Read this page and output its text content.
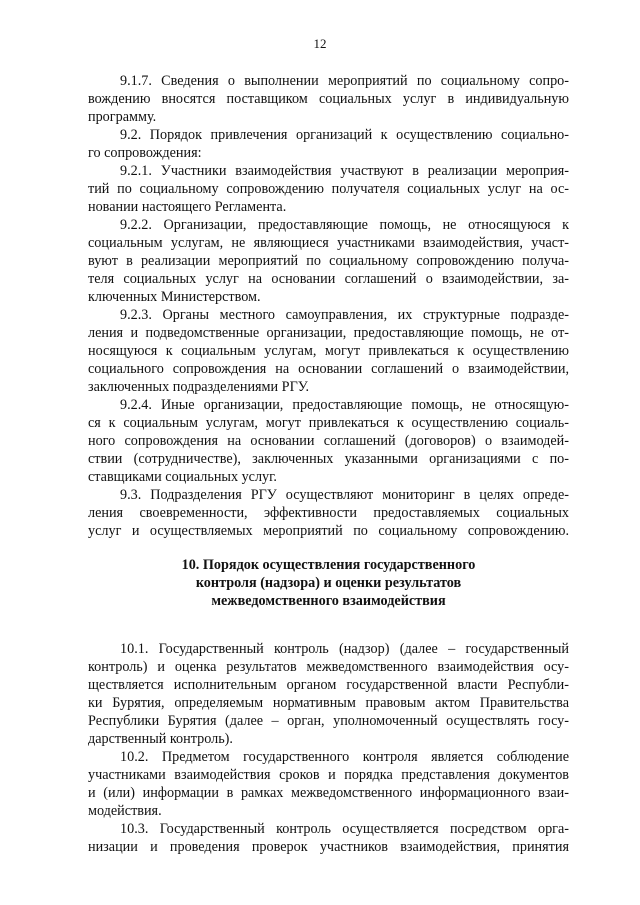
12
9.1.7. Сведения о выполнении мероприятий по социальному сопро-
вождению вносятся поставщиком социальных услуг в индивидуальную
программу.
9.2. Порядок привлечения организаций к осуществлению социально-
го сопровождения:
9.2.1. Участники взаимодействия участвуют в реализации мероприя-
тий по социальному сопровождению получателя социальных услуг на ос-
новании настоящего Регламента.
9.2.2. Организации, предоставляющие помощь, не относящуюся к
социальным услугам, не являющиеся участниками взаимодействия, участ-
вуют в реализации мероприятий по социальному сопровождению получа-
теля социальных услуг на основании соглашений о взаимодействии, за-
ключенных Министерством.
9.2.3. Органы местного самоуправления, их структурные подразде-
ления и подведомственные организации, предоставляющие помощь, не от-
носящуюся к социальным услугам, могут привлекаться к осуществлению
социального сопровождения на основании соглашений о взаимодействии,
заключенных подразделениями РГУ.
9.2.4. Иные организации, предоставляющие помощь, не относящую-
ся к социальным услугам, могут привлекаться к осуществлению социаль-
ного сопровождения на основании соглашений (договоров) о взаимодей-
ствии (сотрудничестве), заключенных указанными организациями с по-
ставщиками социальных услуг.
9.3. Подразделения РГУ осуществляют мониторинг в целях опреде-
ления своевременности, эффективности предоставляемых социальных
услуг и осуществляемых мероприятий по социальному сопровождению.
10. Порядок осуществления государственного
контроля (надзора) и оценки результатов
межведомственного взаимодействия
10.1. Государственный контроль (надзор) (далее – государственный
контроль) и оценка результатов межведомственного взаимодействия осу-
ществляется исполнительным органом государственной власти Республи-
ки Бурятия, определяемым нормативным правовым актом Правительства
Республики Бурятия (далее – орган, уполномоченный осуществлять госу-
дарственный контроль).
10.2. Предметом государственного контроля является соблюдение
участниками взаимодействия сроков и порядка представления документов
и (или) информации в рамках межведомственного информационного взаи-
модействия.
10.3. Государственный контроль осуществляется посредством орга-
низации и проведения проверок участников взаимодействия, принятия
